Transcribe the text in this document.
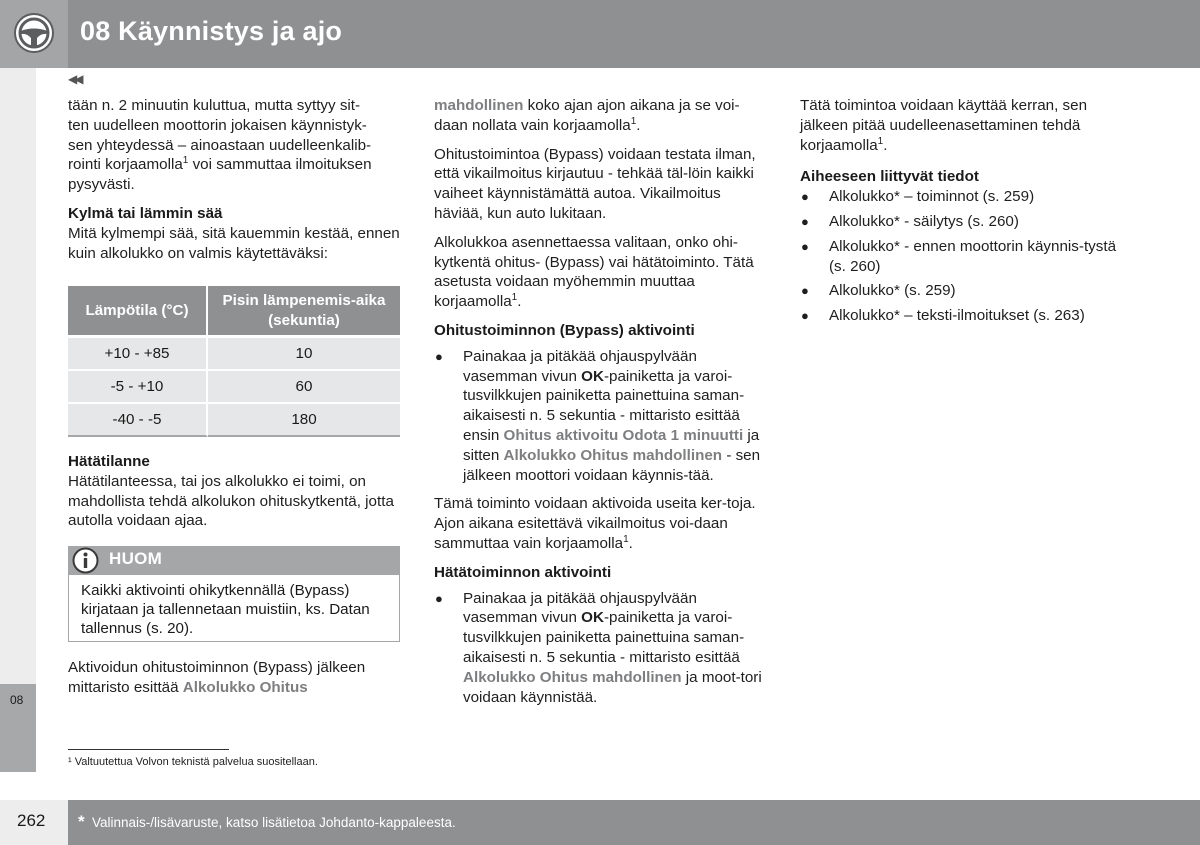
08 Käynnistys ja ajo
08
◀◀
tään n. 2 minuutin kuluttua, mutta syttyy sit-
ten uudelleen moottorin jokaisen käynnistyk-
sen yhteydessä – ainoastaan uudelleenkalib-
rointi korjaamolla$^1$ voi sammuttaa ilmoituksen
pysyvästi.
Kylmä tai lämmin sää
Mitä kylmempi sää, sitä kauemmin kestää, ennen kuin alkolukko on valmis käytettäväksi:
Lämpötila (°C)	Pisin lämpenemis-aika (sekuntia)
+10 - +85	10
-5 - +10	60
-40 - -5	180
Hätätilanne
Hätätilanteessa, tai jos alkolukko ei toimi, on mahdollista tehdä alkolukon ohituskytkentä, jotta autolla voidaan ajaa.
HUOM
Kaikki aktivointi ohikytkennällä (Bypass) kirjataan ja tallennetaan muistiin, ks. Datan tallennus (s. 20).
Aktivoidun ohitustoiminnon (Bypass) jälkeen mittaristo esittää Alkolukko Ohitus
mahdollinen koko ajan ajon aikana ja se voi-daan nollata vain korjaamolla$^1$.
Ohitustoimintoa (Bypass) voidaan testata ilman, että vikailmoitus kirjautuu - tehkää täl-löin kaikki vaiheet käynnistämättä autoa. Vikailmoitus häviää, kun auto lukitaan.
Alkolukkoa asennettaessa valitaan, onko ohi-kytkentä ohitus- (Bypass) vai hätätoiminto. Tätä asetusta voidaan myöhemmin muuttaa korjaamolla$^1$.
Ohitustoiminnon (Bypass) aktivointi
● Painakaa ja pitäkää ohjauspylvään vasemman vivun OK-painiketta ja varoi-tusvilkkujen painiketta painettuina saman-aikaisesti n. 5 sekuntia - mittaristo esittää ensin Ohitus aktivoitu Odota 1 minuutti ja sitten Alkolukko Ohitus mahdollinen - sen jälkeen moottori voidaan käynnis-tää.
Tämä toiminto voidaan aktivoida useita ker-toja. Ajon aikana esitettävä vikailmoitus voi-daan sammuttaa vain korjaamolla$^1$.
Hätätoiminnon aktivointi
● Painakaa ja pitäkää ohjauspylvään vasemman vivun OK-painiketta ja varoi-tusvilkkujen painiketta painettuina saman-aikaisesti n. 5 sekuntia - mittaristo esittää Alkolukko Ohitus mahdollinen ja moot-tori voidaan käynnistää.
Tätä toimintoa voidaan käyttää kerran, sen jälkeen pitää uudelleenasettaminen tehdä korjaamolla$^1$.
Aiheeseen liittyvät tiedot
● Alkolukko* – toiminnot (s. 259)
● Alkolukko* - säilytys (s. 260)
● Alkolukko* - ennen moottorin käynnis-tystä (s. 260)
● Alkolukko* (s. 259)
● Alkolukko* – teksti-ilmoitukset (s. 263)
¹ Valtuutettua Volvon teknistä palvelua suositellaan.
262 * Valinnais-/lisävaruste, katso lisätietoa Johdanto-kappaleesta.
